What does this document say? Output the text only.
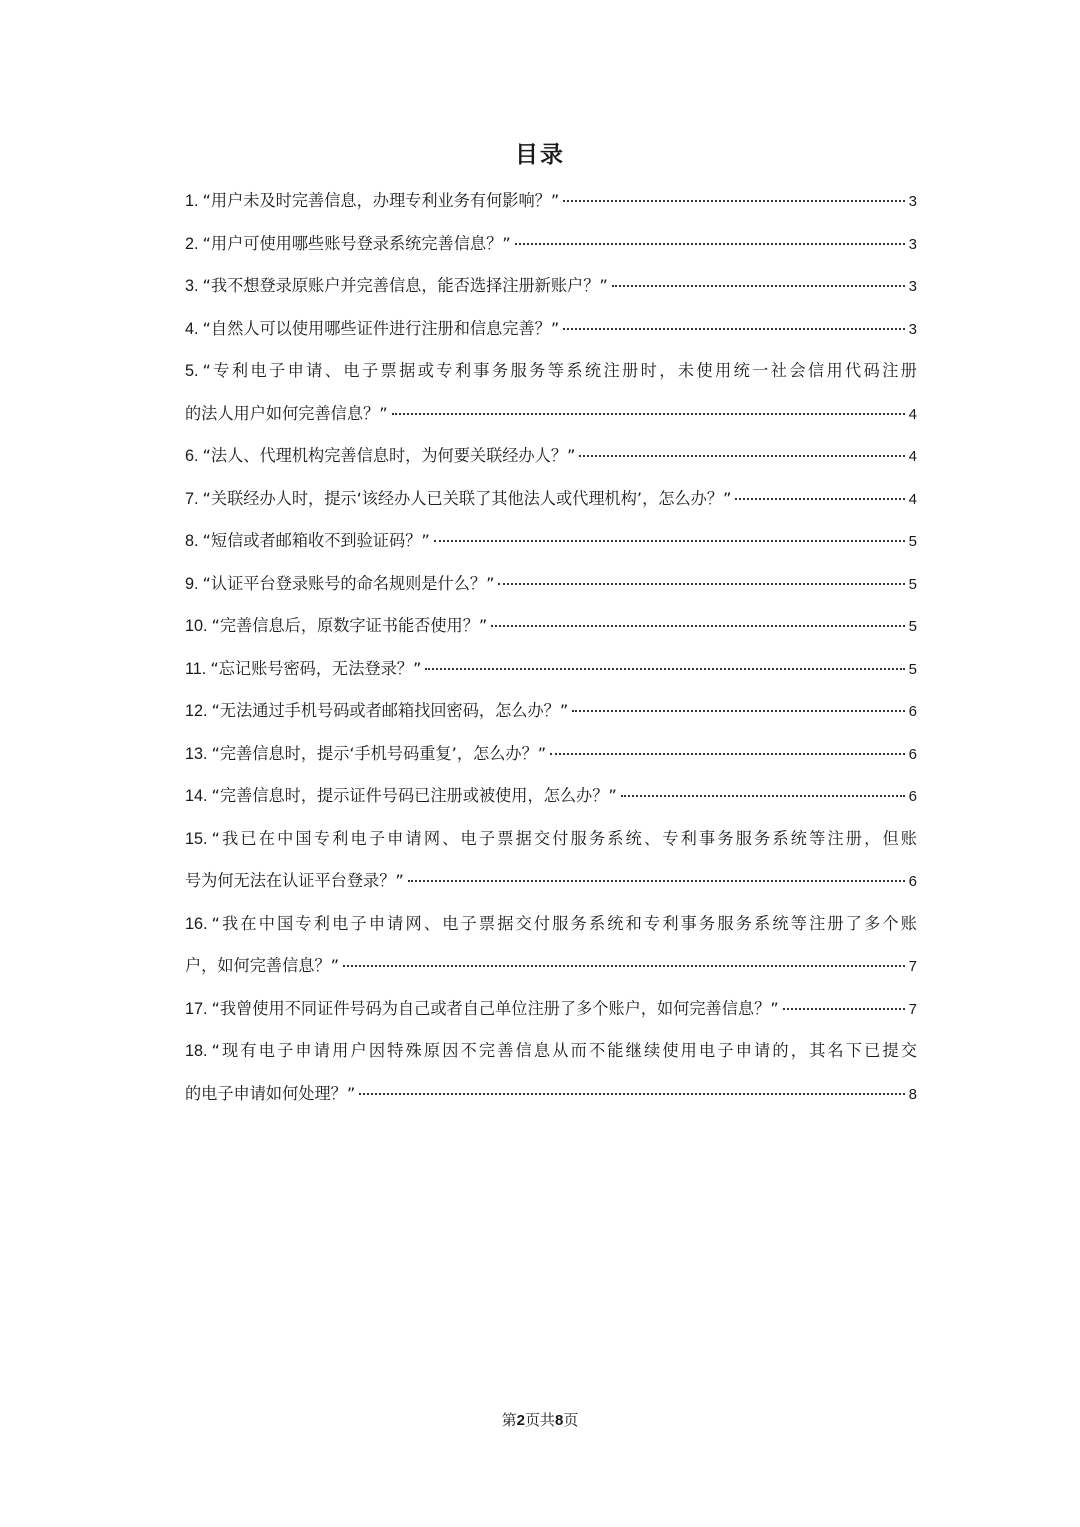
目录
1. “用户未及时完善信息，办理专利业务有何影响？”	3
2. “用户可使用哪些账号登录系统完善信息？”	3
3. “我不想登录原账户并完善信息，能否选择注册新账户？”	3
4. “自然人可以使用哪些证件进行注册和信息完善？”	3
5. “专利电子申请、电子票据或专利事务服务等系统注册时，未使用统一社会信用代码注册
的法人用户如何完善信息？”	4
6. “法人、代理机构完善信息时，为何要关联经办人？”	4
7. “关联经办人时，提示‘该经办人已关联了其他法人或代理机构’，怎么办？”	4
8. “短信或者邮箱收不到验证码？”	5
9. “认证平台登录账号的命名规则是什么？”	5
10. “完善信息后，原数字证书能否使用？”	5
11. “忘记账号密码，无法登录？”	5
12. “无法通过手机号码或者邮箱找回密码，怎么办？”	6
13. “完善信息时，提示‘手机号码重复’，怎么办？”	6
14. “完善信息时，提示证件号码已注册或被使用，怎么办？”	6
15. “我已在中国专利电子申请网、电子票据交付服务系统、专利事务服务系统等注册，但账
号为何无法在认证平台登录？”	6
16. “我在中国专利电子申请网、电子票据交付服务系统和专利事务服务系统等注册了多个账
户，如何完善信息？”	7
17. “我曾使用不同证件号码为自己或者自己单位注册了多个账户，如何完善信息？”	7
18. “现有电子申请用户因特殊原因不完善信息从而不能继续使用电子申请的，其名下已提交
的电子申请如何处理？”	8
第2页共8页
